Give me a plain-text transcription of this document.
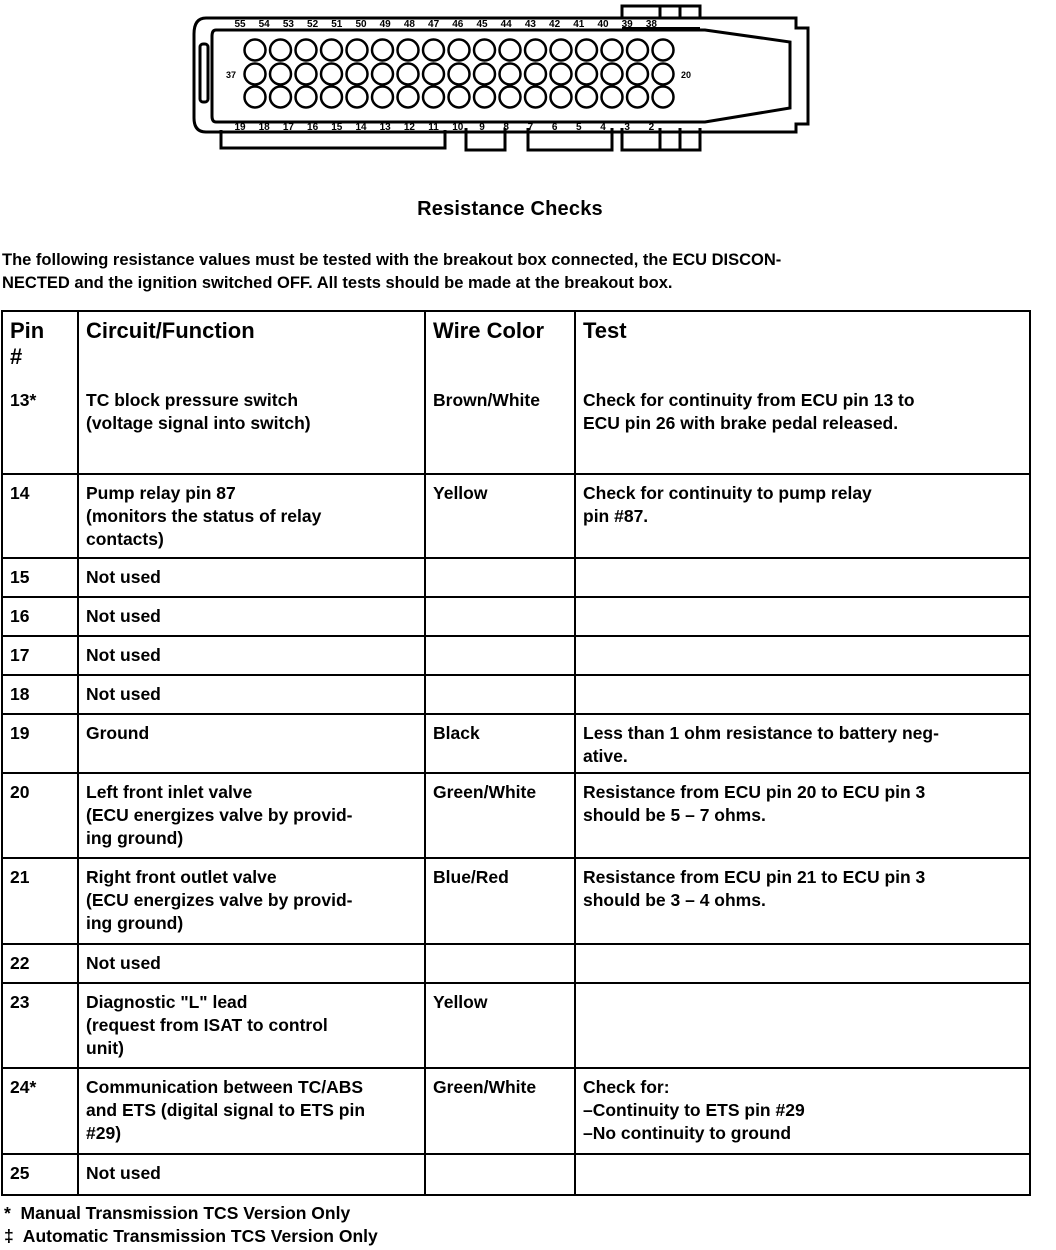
55 54 53 52 51 50 49 48 47 46 45 44 43 42 41 40 39 38
19 18 17 16 15 14 13 12 11 10 9 8 7 6 5 4 3 2
37	20
Resistance Checks

The following resistance values must be tested with the breakout box connected, the ECU DISCON-

NECTED and the ignition switched OFF. All tests should be made at the breakout box.

Pin
#	Circuit/Function	Wire Color	Test
13*	TC block pressure switch
(voltage signal into switch)	Brown/White	Check for continuity from ECU pin 13 to
ECU pin 26 with brake pedal released.
14	Pump relay pin 87
(monitors the status of relay
contacts)	Yellow	Check for continuity to pump relay
pin #87.
15	Not used		
16	Not used		
17	Not used		
18	Not used		
19	Ground	Black	Less than 1 ohm resistance to battery neg-
ative.
20	Left front inlet valve
(ECU energizes valve by provid-
ing ground)	Green/White	Resistance from ECU pin 20 to ECU pin 3
should be 5 – 7 ohms.
21	Right front outlet valve
(ECU energizes valve by provid-
ing ground)	Blue/Red	Resistance from ECU pin 21 to ECU pin 3
should be 3 – 4 ohms.
22	Not used		
23	Diagnostic "L" lead
(request from ISAT to control
unit)	Yellow	
24*	Communication between TC/ABS
and ETS (digital signal to ETS pin
#29)	Green/White	Check for:
–Continuity to ETS pin #29
–No continuity to ground
25	Not used		
*  Manual Transmission TCS Version Only
‡  Automatic Transmission TCS Version Only
